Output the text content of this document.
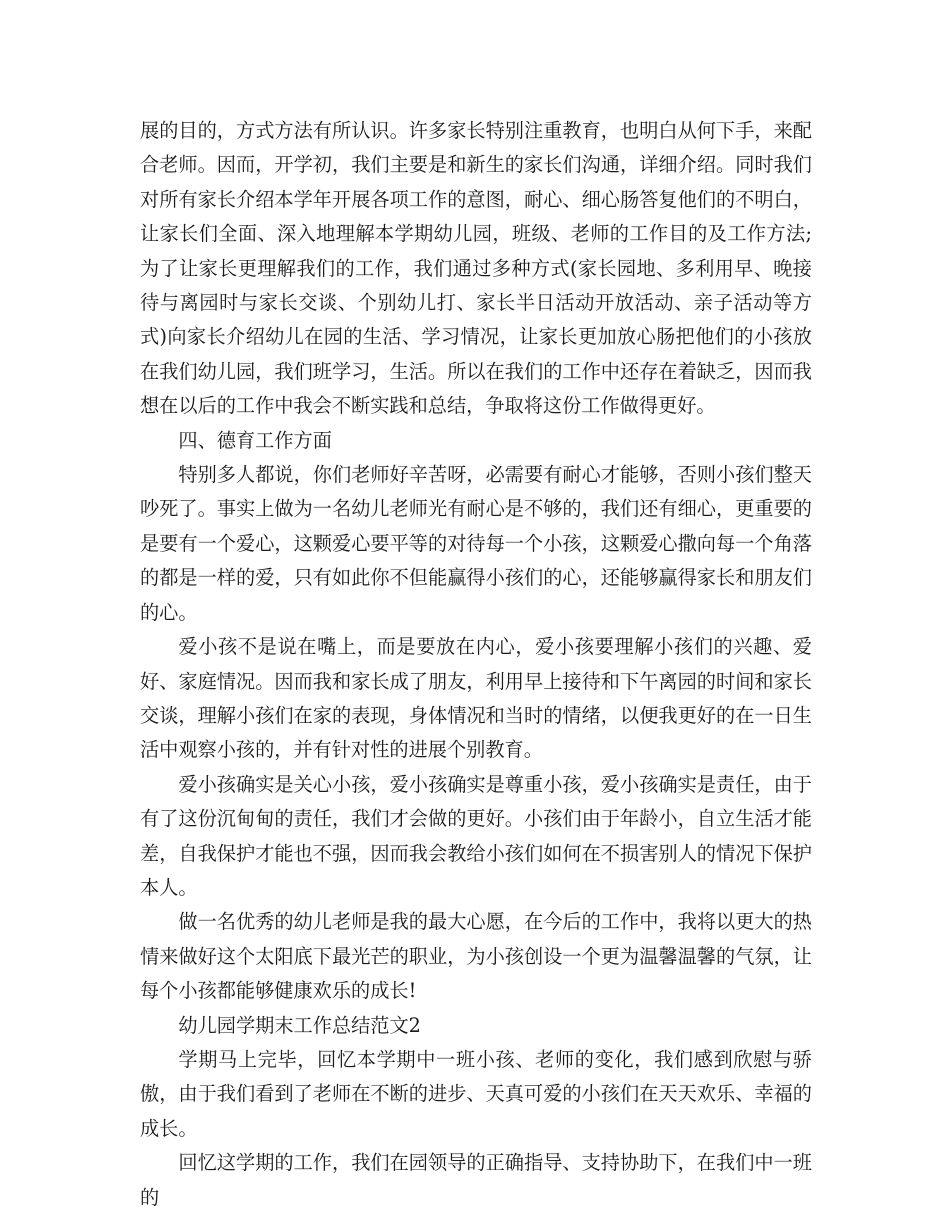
展的目的，方式方法有所认识。许多家长特别注重教育，也明白从何下手，来配合老师。因而，开学初，我们主要是和新生的家长们沟通，详细介绍。同时我们对所有家长介绍本学年开展各项工作的意图，耐心、细心肠答复他们的不明白，让家长们全面、深入地理解本学期幼儿园，班级、老师的工作目的及工作方法;为了让家长更理解我们的工作，我们通过多种方式(家长园地、多利用早、晚接待与离园时与家长交谈、个别幼儿打、家长半日活动开放活动、亲子活动等方式)向家长介绍幼儿在园的生活、学习情况，让家长更加放心肠把他们的小孩放在我们幼儿园，我们班学习，生活。所以在我们的工作中还存在着缺乏，因而我想在以后的工作中我会不断实践和总结，争取将这份工作做得更好。

四、德育工作方面

特别多人都说，你们老师好辛苦呀，必需要有耐心才能够，否则小孩们整天吵死了。事实上做为一名幼儿老师光有耐心是不够的，我们还有细心，更重要的是要有一个爱心，这颗爱心要平等的对待每一个小孩，这颗爱心撒向每一个角落的都是一样的爱，只有如此你不但能赢得小孩们的心，还能够赢得家长和朋友们的心。

爱小孩不是说在嘴上，而是要放在内心，爱小孩要理解小孩们的兴趣、爱好、家庭情况。因而我和家长成了朋友，利用早上接待和下午离园的时间和家长交谈，理解小孩们在家的表现，身体情况和当时的情绪，以便我更好的在一日生活中观察小孩的，并有针对性的进展个别教育。

爱小孩确实是关心小孩，爱小孩确实是尊重小孩，爱小孩确实是责任，由于有了这份沉甸甸的责任，我们才会做的更好。小孩们由于年龄小，自立生活才能差，自我保护才能也不强，因而我会教给小孩们如何在不损害别人的情况下保护本人。

做一名优秀的幼儿老师是我的最大心愿，在今后的工作中，我将以更大的热情来做好这个太阳底下最光芒的职业，为小孩创设一个更为温馨温馨的气氛，让每个小孩都能够健康欢乐的成长!

幼儿园学期末工作总结范文2

学期马上完毕，回忆本学期中一班小孩、老师的变化，我们感到欣慰与骄傲，由于我们看到了老师在不断的进步、天真可爱的小孩们在天天欢乐、幸福的成长。

回忆这学期的工作，我们在园领导的正确指导、支持协助下，在我们中一班的
